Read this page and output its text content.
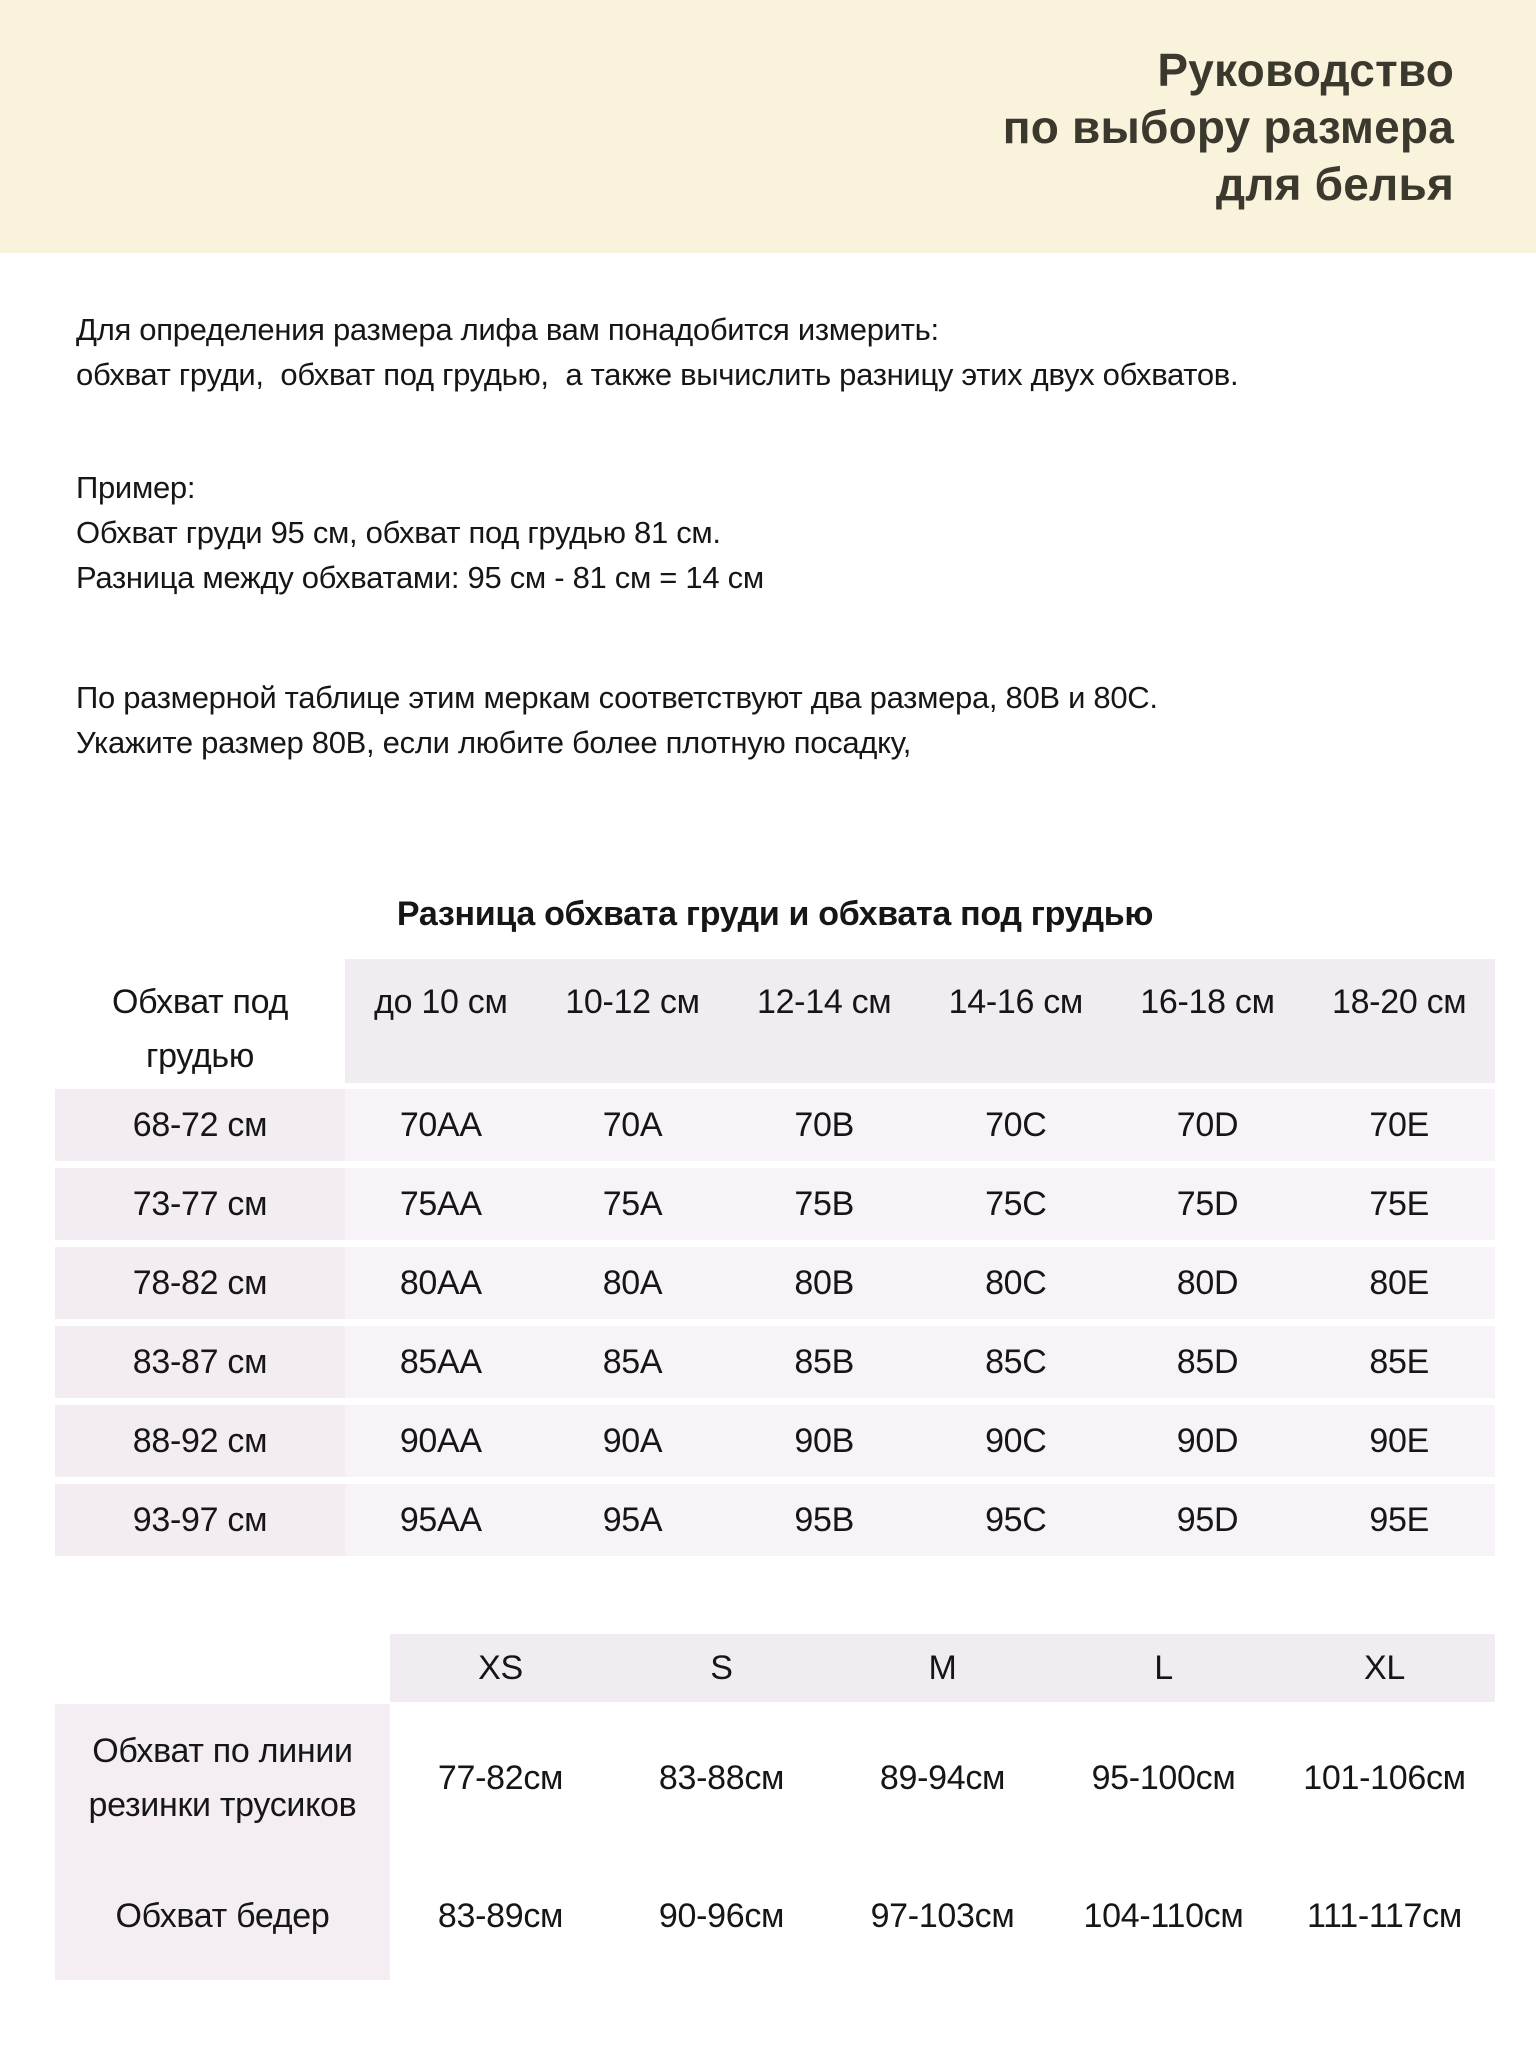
Руководство
по выбору размера
для белья

Для определения размера лифа вам понадобится измерить:
обхват груди,  обхват под грудью,  а также вычислить разницу этих двух обхватов.

Пример:
Обхват груди 95 см, обхват под грудью 81 см.
Разница между обхватами: 95 см - 81 см = 14 см

По размерной таблице этим меркам соответствуют два размера, 80B и 80C.
Укажите размер 80B, если любите более плотную посадку,

Разница обхвата груди и обхвата под грудью
Обхват под
грудью
до 10 см	10-12 см	12-14 см	14-16 см	16-18 см	18-20 см
68-72 см	70AA	70A	70B	70C	70D	70E
73-77 см	75AA	75A	75B	75C	75D	75E
78-82 см	80AA	80A	80B	80C	80D	80E
83-87 см	85AA	85A	85B	85C	85D	85E
88-92 см	90AA	90A	90B	90C	90D	90E
93-97 см	95AA	95A	95B	95C	95D	95E
XS	S	M	L	XL
Обхват по линии
резинки трусиков
77-82см	83-88см	89-94см	95-100см	101-106см
Обхват бедер	83-89см	90-96см	97-103см	104-110см	111-117см
